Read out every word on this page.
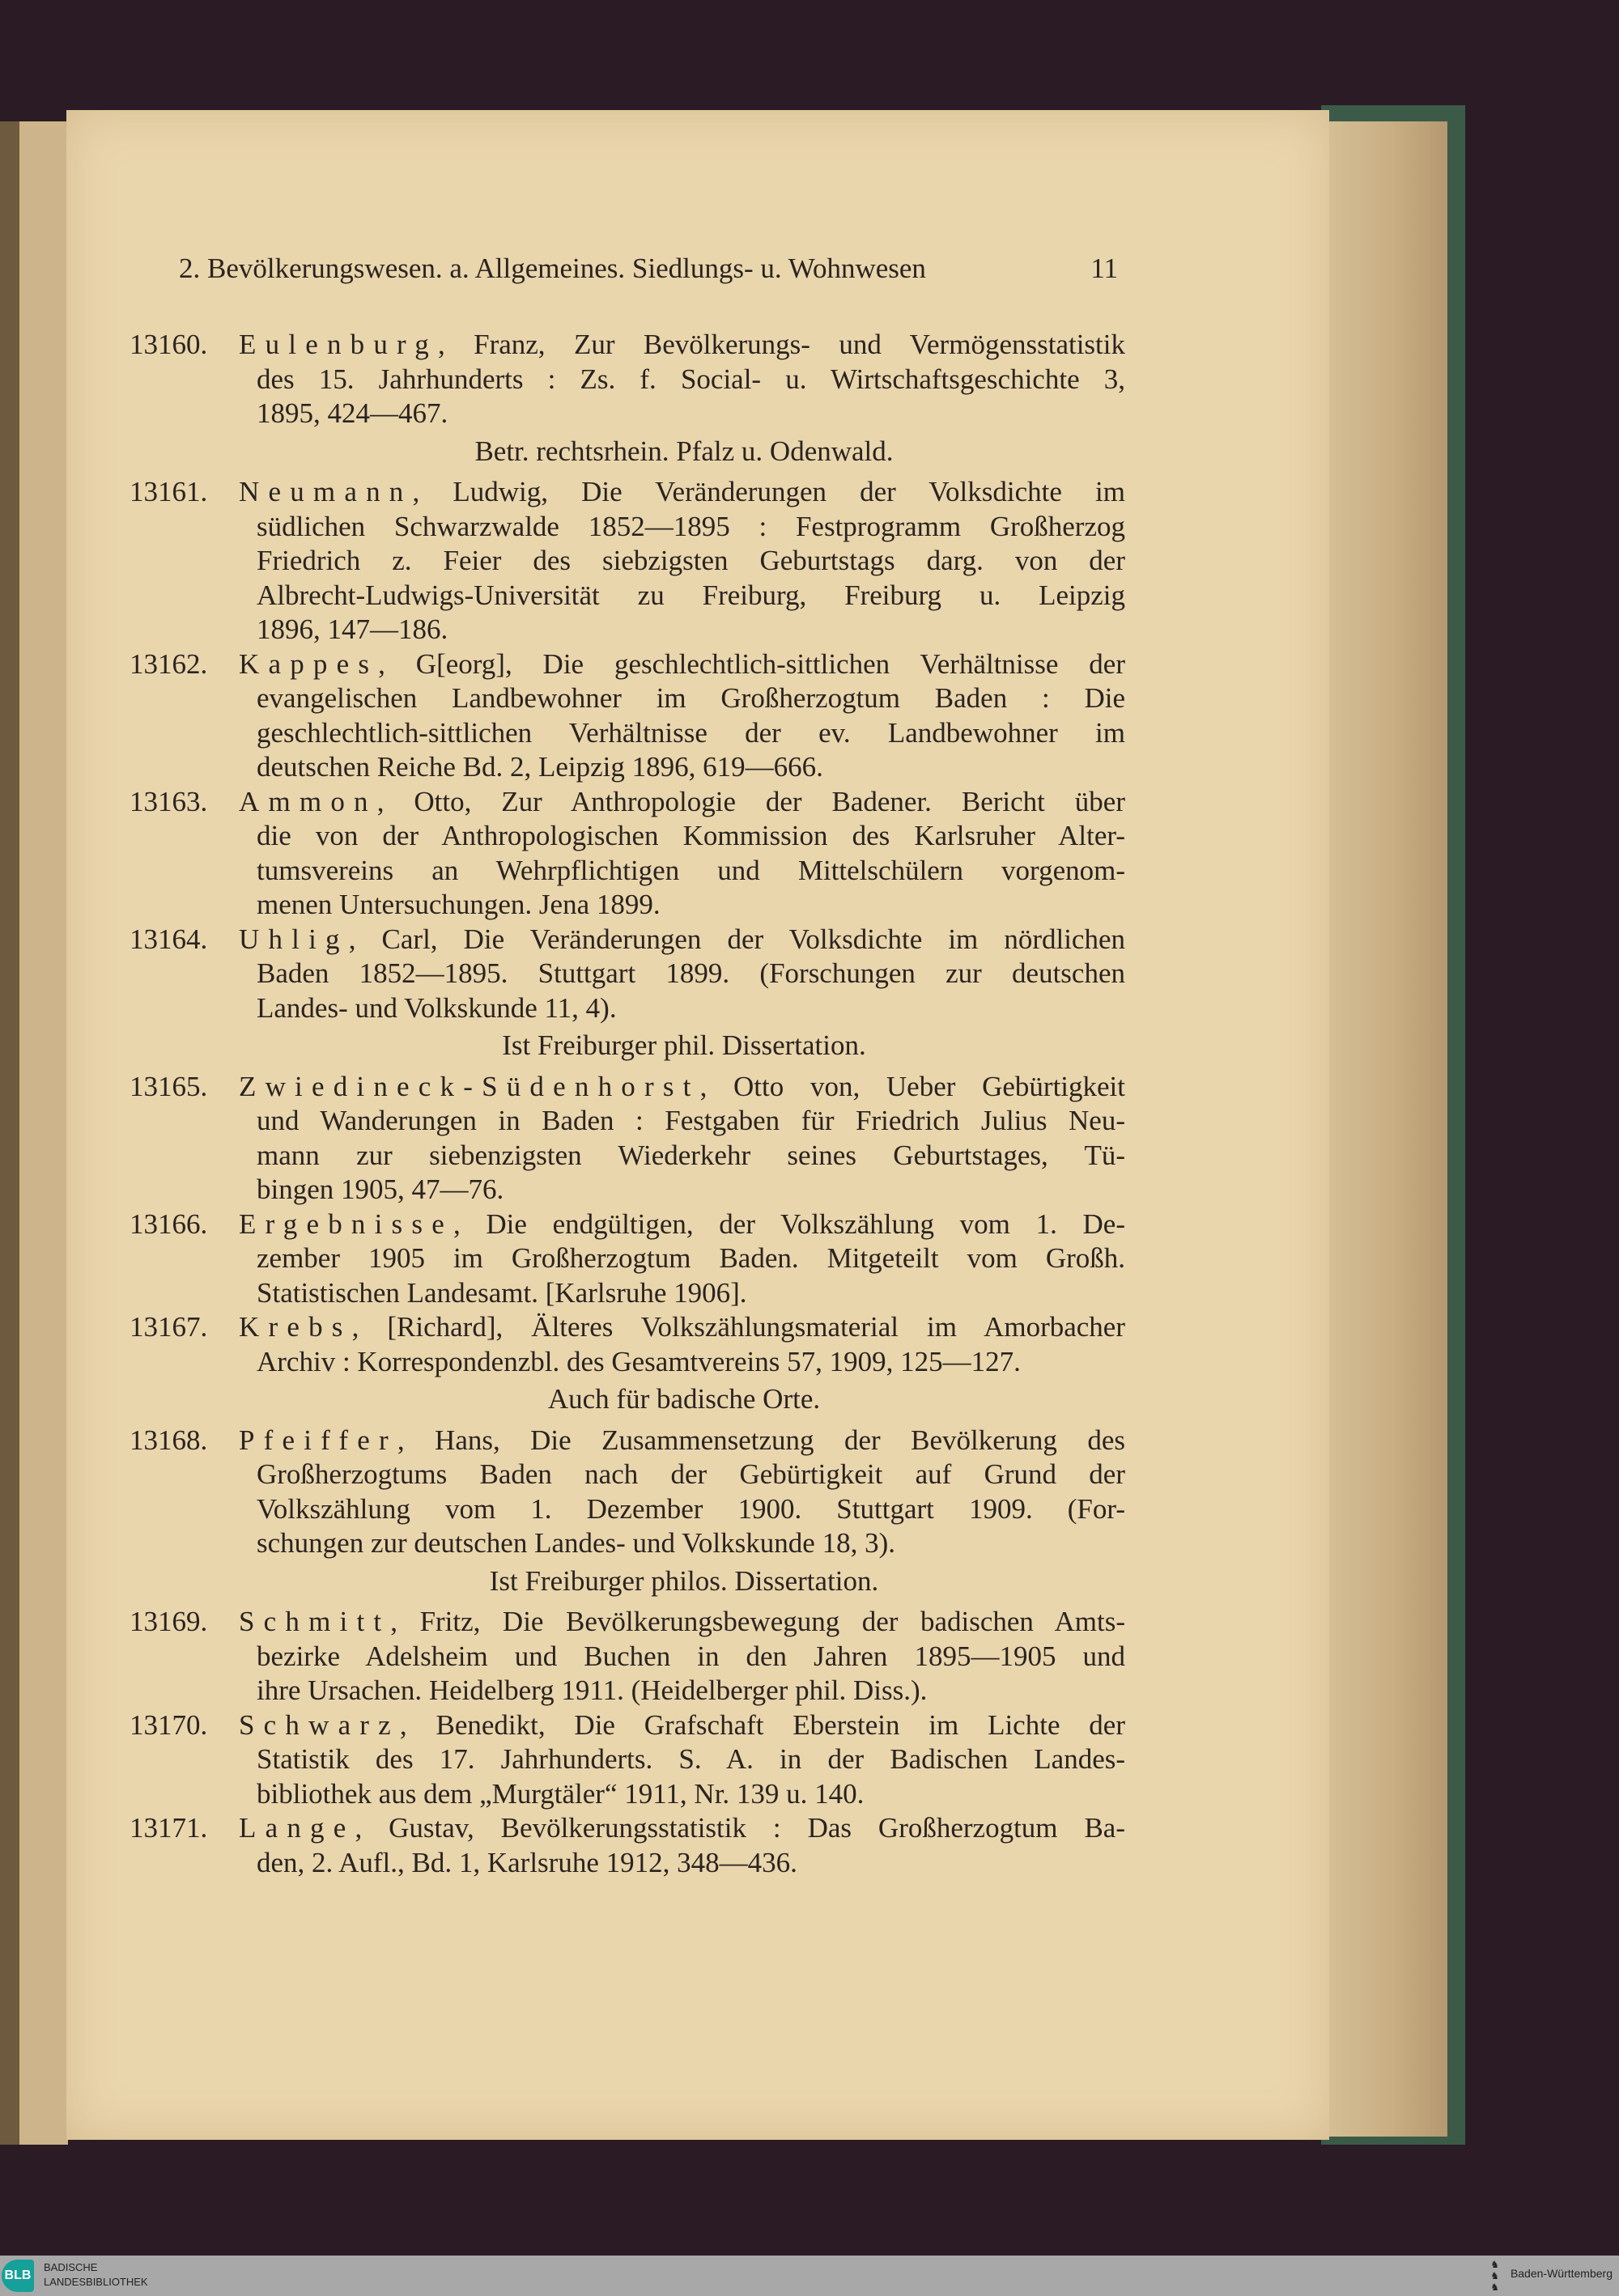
2. Bevölkerungswesen. a. Allgemeines. Siedlungs- u. Wohnwesen	11
13160. Eulenburg, Franz, Zur Bevölkerungs- und Vermögensstatistik
des 15. Jahrhunderts : Zs. f. Social- u. Wirtschaftsgeschichte 3,
1895, 424—467.
Betr. rechtsrhein. Pfalz u. Odenwald.
13161. Neumann, Ludwig, Die Veränderungen der Volksdichte im
südlichen Schwarzwalde 1852—1895 : Festprogramm Großherzog
Friedrich z. Feier des siebzigsten Geburtstags darg. von der
Albrecht-Ludwigs-Universität zu Freiburg, Freiburg u. Leipzig
1896, 147—186.
13162. Kappes, G[eorg], Die geschlechtlich-sittlichen Verhältnisse der
evangelischen Landbewohner im Großherzogtum Baden : Die
geschlechtlich-sittlichen Verhältnisse der ev. Landbewohner im
deutschen Reiche Bd. 2, Leipzig 1896, 619—666.
13163. Ammon, Otto, Zur Anthropologie der Badener. Bericht über
die von der Anthropologischen Kommission des Karlsruher Alter-
tumsvereins an Wehrpflichtigen und Mittelschülern vorgenom-
menen Untersuchungen. Jena 1899.
13164. Uhlig, Carl, Die Veränderungen der Volksdichte im nördlichen
Baden 1852—1895. Stuttgart 1899. (Forschungen zur deutschen
Landes- und Volkskunde 11, 4).
Ist Freiburger phil. Dissertation.
13165. Zwiedineck-Südenhorst, Otto von, Ueber Gebürtigkeit
und Wanderungen in Baden : Festgaben für Friedrich Julius Neu-
mann zur siebenzigsten Wiederkehr seines Geburtstages, Tü-
bingen 1905, 47—76.
13166. Ergebnisse, Die endgültigen, der Volkszählung vom 1. De-
zember 1905 im Großherzogtum Baden. Mitgeteilt vom Großh.
Statistischen Landesamt. [Karlsruhe 1906].
13167. Krebs, [Richard], Älteres Volkszählungsmaterial im Amorbacher
Archiv : Korrespondenzbl. des Gesamtvereins 57, 1909, 125—127.
Auch für badische Orte.
13168. Pfeiffer, Hans, Die Zusammensetzung der Bevölkerung des
Großherzogtums Baden nach der Gebürtigkeit auf Grund der
Volkszählung vom 1. Dezember 1900. Stuttgart 1909. (For-
schungen zur deutschen Landes- und Volkskunde 18, 3).
Ist Freiburger philos. Dissertation.
13169. Schmitt, Fritz, Die Bevölkerungsbewegung der badischen Amts-
bezirke Adelsheim und Buchen in den Jahren 1895—1905 und
ihre Ursachen. Heidelberg 1911. (Heidelberger phil. Diss.).
13170. Schwarz, Benedikt, Die Grafschaft Eberstein im Lichte der
Statistik des 17. Jahrhunderts. S. A. in der Badischen Landes-
bibliothek aus dem „Murgtäler“ 1911, Nr. 139 u. 140.
13171. Lange, Gustav, Bevölkerungsstatistik : Das Großherzogtum Ba-
den, 2. Aufl., Bd. 1, Karlsruhe 1912, 348—436.
BLB
BADISCHE
LANDESBIBLIOTHEK
♞
♞
♞
Baden-Württemberg
